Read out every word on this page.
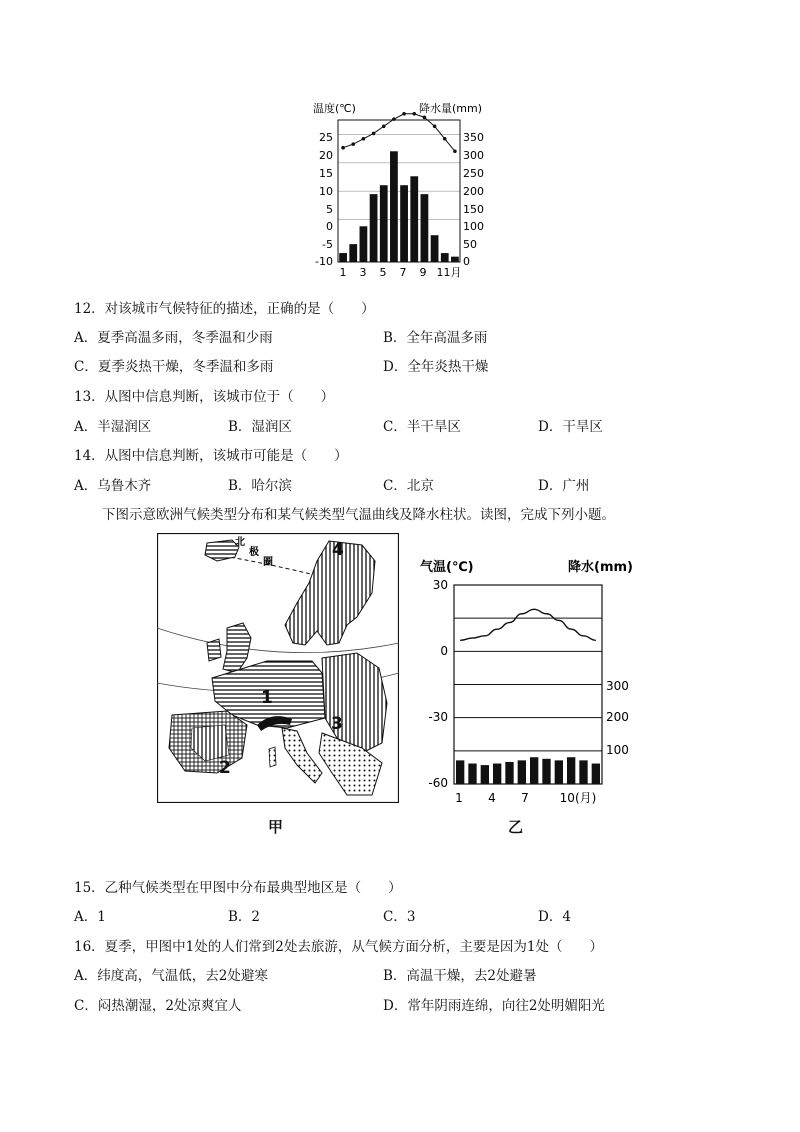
温度(℃)	降水量(mm)
25
20
15
10
5
0
-5
-10
350
300
250
200
150
100
50
0
1 3 5 7 9 11月
12．对该城市气候特征的描述，正确的是（　　）
A．夏季高温多雨，冬季温和少雨	B．全年高温多雨
C．夏季炎热干燥，冬季温和多雨	D．全年炎热干燥
13．从图中信息判断，该城市位于（　　）
A．半湿润区	B．湿润区	C．半干旱区	D．干旱区
14．从图中信息判断，该城市可能是（　　）
A．乌鲁木齐	B．哈尔滨	C．北京	D．广州
下图示意欧洲气候类型分布和某气候类型气温曲线及降水柱状。读图，完成下列小题。
1
2
3
4
北
极
圈
甲
气温(℃)	降水(mm)
30
0
-30
-60
300
200
100
1 4 7	10(月)
乙
15．乙种气候类型在甲图中分布最典型地区是（　　）
A．1	B．2	C．3	D．4
16．夏季，甲图中1处的人们常到2处去旅游，从气候方面分析，主要是因为1处（　　）
A．纬度高，气温低，去2处避寒	B．高温干燥，去2处避暑
C．闷热潮湿，2处凉爽宜人	D．常年阴雨连绵，向往2处明媚阳光
